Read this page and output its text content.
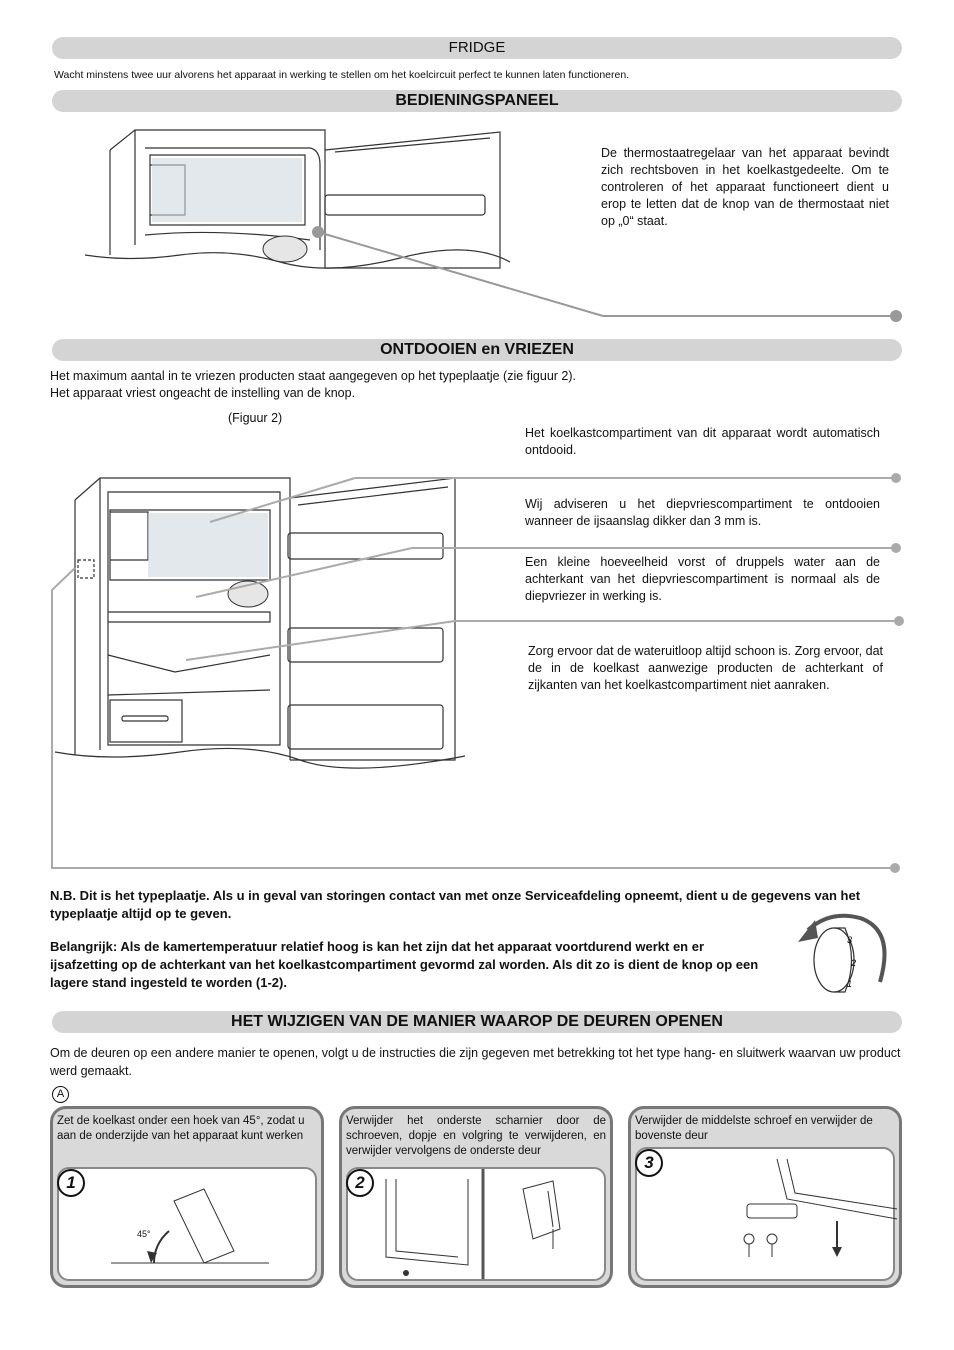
FRIDGE
Wacht minstens twee uur alvorens het apparaat in werking te stellen om het koelcircuit perfect te kunnen laten functioneren.
BEDIENINGSPANEEL
3
2
1
De thermostaatregelaar van het apparaat bevindt zich rechtsboven in het koelkastgedeelte. Om te controleren of het apparaat functioneert dient u erop te letten dat de knop van de thermostaat niet op „0“ staat.
ONTDOOIEN en VRIEZEN
Het maximum aantal in te vriezen producten staat aangegeven op het typeplaatje (zie figuur 2).
Het apparaat vriest ongeacht de instelling van de knop.
(Figuur 2)
Het koelkastcompartiment van dit apparaat wordt automatisch ontdooid.
Wij adviseren u het diepvriescompartiment te ontdooien wanneer de ijsaanslag dikker dan 3 mm is.
Een kleine hoeveelheid vorst of druppels water aan de achterkant van het diepvriescompartiment is normaal als de diepvriezer in werking is.
Zorg ervoor dat de wateruitloop altijd schoon is. Zorg ervoor, dat de in de koelkast aanwezige producten de achterkant of zijkanten van het koelkastcompartiment niet aanraken.
N.B. Dit is het typeplaatje. Als u in geval van storingen contact van met onze Serviceafdeling opneemt, dient u de gegevens van het typeplaatje altijd op te geven.
Belangrijk: Als de kamertemperatuur relatief hoog is kan het zijn dat het apparaat voortdurend werkt en er ijsafzetting op de achterkant van het koelkastcompartiment gevormd zal worden. Als dit zo is dient de knop op een lagere stand ingesteld te worden (1-2).
HET WIJZIGEN VAN DE MANIER WAAROP DE DEUREN OPENEN
Om de deuren op een andere manier te openen, volgt u de instructies die zijn gegeven met betrekking tot het type hang- en sluitwerk waarvan uw product werd gemaakt.
A
Zet de koelkast onder een hoek van 45°, zodat u aan de onderzijde van het apparaat kunt werken
45°
1
Verwijder het onderste scharnier door de schroeven, dopje en volgring te verwijderen, en verwijder vervolgens de onderste deur
2
Verwijder de middelste schroef en verwijder de bovenste deur
3
